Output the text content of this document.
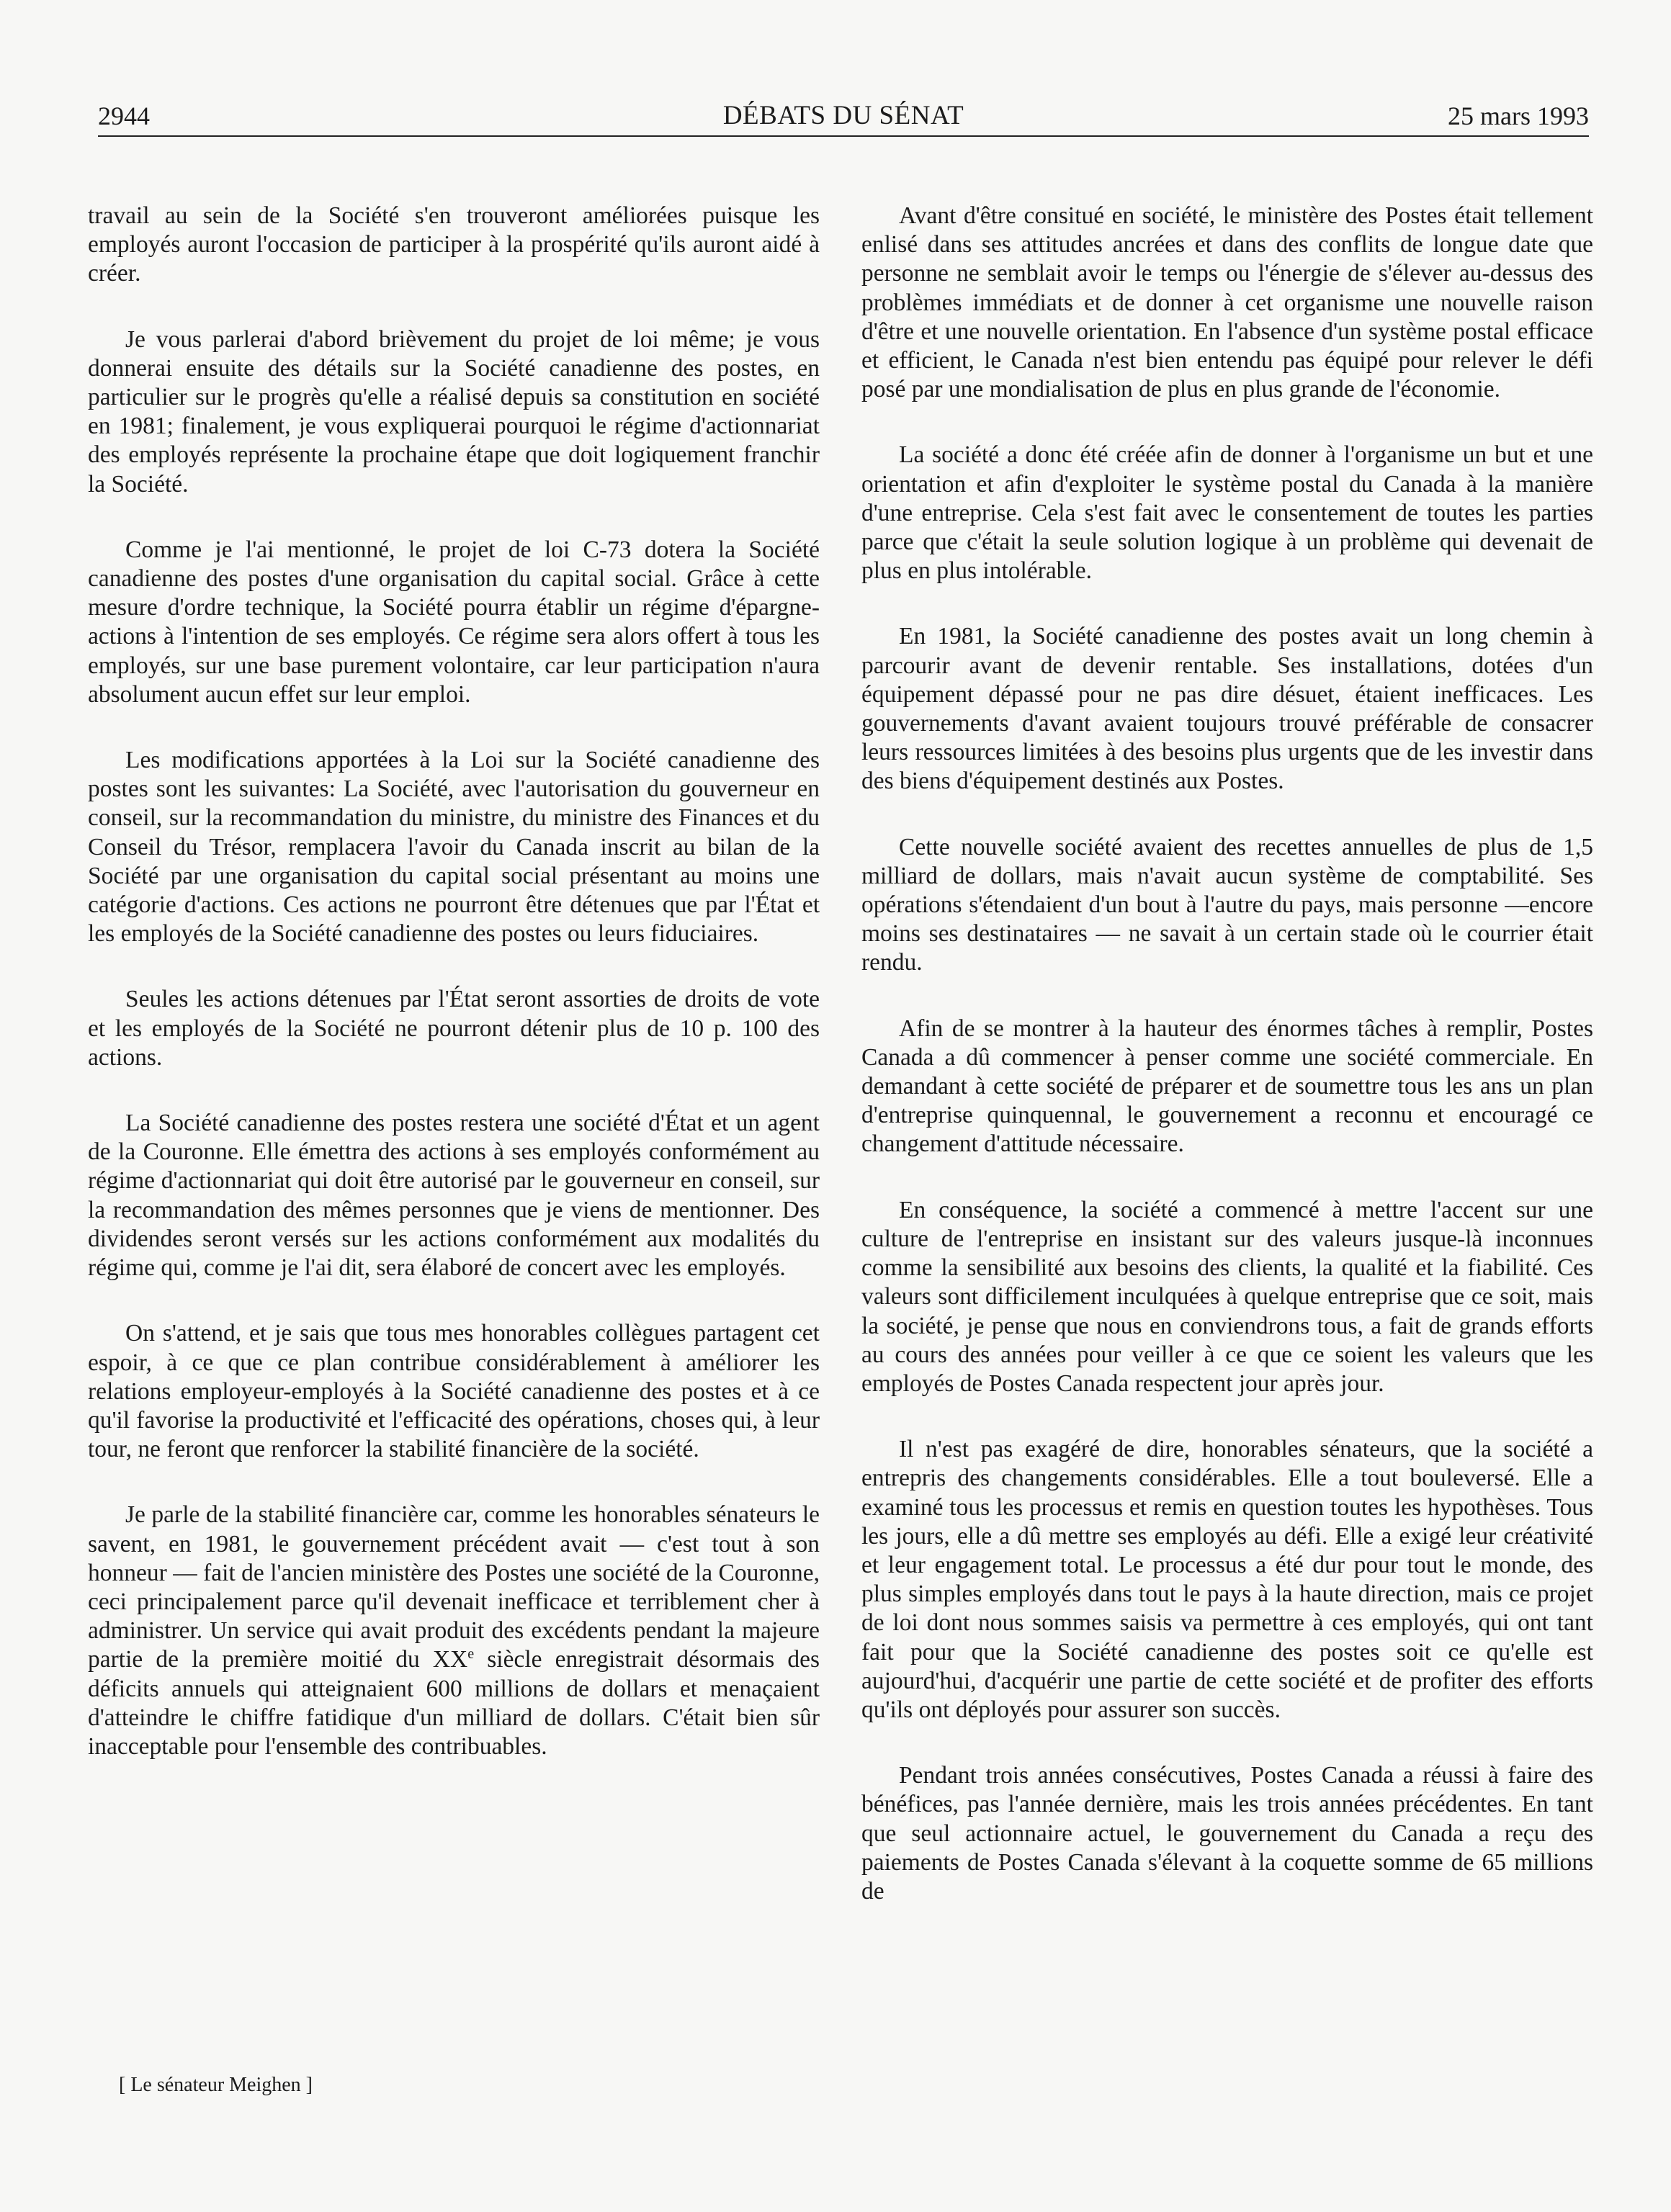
2944	DÉBATS DU SÉNAT	25 mars 1993

travail au sein de la Société s'en trouveront améliorées puisque les employés auront l'occasion de participer à la prospérité qu'ils auront aidé à créer.

Je vous parlerai d'abord brièvement du projet de loi même; je vous donnerai ensuite des détails sur la Société canadienne des postes, en particulier sur le progrès qu'elle a réalisé depuis sa constitution en société en 1981; finalement, je vous expliquerai pourquoi le régime d'actionnariat des employés représente la prochaine étape que doit logiquement franchir la Société.

Comme je l'ai mentionné, le projet de loi C-73 dotera la Société canadienne des postes d'une organisation du capital social. Grâce à cette mesure d'ordre technique, la Société pourra établir un régime d'épargne-actions à l'intention de ses employés. Ce régime sera alors offert à tous les employés, sur une base purement volontaire, car leur participation n'aura absolument aucun effet sur leur emploi.

Les modifications apportées à la Loi sur la Société canadienne des postes sont les suivantes: La Société, avec l'autorisation du gouverneur en conseil, sur la recommandation du ministre, du ministre des Finances et du Conseil du Trésor, remplacera l'avoir du Canada inscrit au bilan de la Société par une organisation du capital social présentant au moins une catégorie d'actions. Ces actions ne pourront être détenues que par l'État et les employés de la Société canadienne des postes ou leurs fiduciaires.

Seules les actions détenues par l'État seront assorties de droits de vote et les employés de la Société ne pourront détenir plus de 10 p. 100 des actions.

La Société canadienne des postes restera une société d'État et un agent de la Couronne. Elle émettra des actions à ses employés conformément au régime d'actionnariat qui doit être autorisé par le gouverneur en conseil, sur la recommandation des mêmes personnes que je viens de mentionner. Des dividendes seront versés sur les actions conformément aux modalités du régime qui, comme je l'ai dit, sera élaboré de concert avec les employés.

On s'attend, et je sais que tous mes honorables collègues partagent cet espoir, à ce que ce plan contribue considérablement à améliorer les relations employeur-employés à la Société canadienne des postes et à ce qu'il favorise la productivité et l'efficacité des opérations, choses qui, à leur tour, ne feront que renforcer la stabilité financière de la société.

Je parle de la stabilité financière car, comme les honorables sénateurs le savent, en 1981, le gouvernement précédent avait — c'est tout à son honneur — fait de l'ancien ministère des Postes une société de la Couronne, ceci principalement parce qu'il devenait inefficace et terriblement cher à administrer. Un service qui avait produit des excédents pendant la majeure partie de la première moitié du XXe siècle enregistrait désormais des déficits annuels qui atteignaient 600 millions de dollars et menaçaient d'atteindre le chiffre fatidique d'un milliard de dollars. C'était bien sûr inacceptable pour l'ensemble des contribuables.

Avant d'être consitué en société, le ministère des Postes était tellement enlisé dans ses attitudes ancrées et dans des conflits de longue date que personne ne semblait avoir le temps ou l'énergie de s'élever au-dessus des problèmes immédiats et de donner à cet organisme une nouvelle raison d'être et une nouvelle orientation. En l'absence d'un système postal efficace et efficient, le Canada n'est bien entendu pas équipé pour relever le défi posé par une mondialisation de plus en plus grande de l'économie.

La société a donc été créée afin de donner à l'organisme un but et une orientation et afin d'exploiter le système postal du Canada à la manière d'une entreprise. Cela s'est fait avec le consentement de toutes les parties parce que c'était la seule solution logique à un problème qui devenait de plus en plus intolérable.

En 1981, la Société canadienne des postes avait un long chemin à parcourir avant de devenir rentable. Ses installations, dotées d'un équipement dépassé pour ne pas dire désuet, étaient inefficaces. Les gouvernements d'avant avaient toujours trouvé préférable de consacrer leurs ressources limitées à des besoins plus urgents que de les investir dans des biens d'équipement destinés aux Postes.

Cette nouvelle société avaient des recettes annuelles de plus de 1,5 milliard de dollars, mais n'avait aucun système de comptabilité. Ses opérations s'étendaient d'un bout à l'autre du pays, mais personne —encore moins ses destinataires — ne savait à un certain stade où le courrier était rendu.

Afin de se montrer à la hauteur des énormes tâches à remplir, Postes Canada a dû commencer à penser comme une société commerciale. En demandant à cette société de préparer et de soumettre tous les ans un plan d'entreprise quinquennal, le gouvernement a reconnu et encouragé ce changement d'attitude nécessaire.

En conséquence, la société a commencé à mettre l'accent sur une culture de l'entreprise en insistant sur des valeurs jusque-là inconnues comme la sensibilité aux besoins des clients, la qualité et la fiabilité. Ces valeurs sont difficilement inculquées à quelque entreprise que ce soit, mais la société, je pense que nous en conviendrons tous, a fait de grands efforts au cours des années pour veiller à ce que ce soient les valeurs que les employés de Postes Canada respectent jour après jour.

Il n'est pas exagéré de dire, honorables sénateurs, que la société a entrepris des changements considérables. Elle a tout bouleversé. Elle a examiné tous les processus et remis en question toutes les hypothèses. Tous les jours, elle a dû mettre ses employés au défi. Elle a exigé leur créativité et leur engagement total. Le processus a été dur pour tout le monde, des plus simples employés dans tout le pays à la haute direction, mais ce projet de loi dont nous sommes saisis va permettre à ces employés, qui ont tant fait pour que la Société canadienne des postes soit ce qu'elle est aujourd'hui, d'acquérir une partie de cette société et de profiter des efforts qu'ils ont déployés pour assurer son succès.

Pendant trois années consécutives, Postes Canada a réussi à faire des bénéfices, pas l'année dernière, mais les trois années précédentes. En tant que seul actionnaire actuel, le gouvernement du Canada a reçu des paiements de Postes Canada s'élevant à la coquette somme de 65 millions de

[ Le sénateur Meighen ]
